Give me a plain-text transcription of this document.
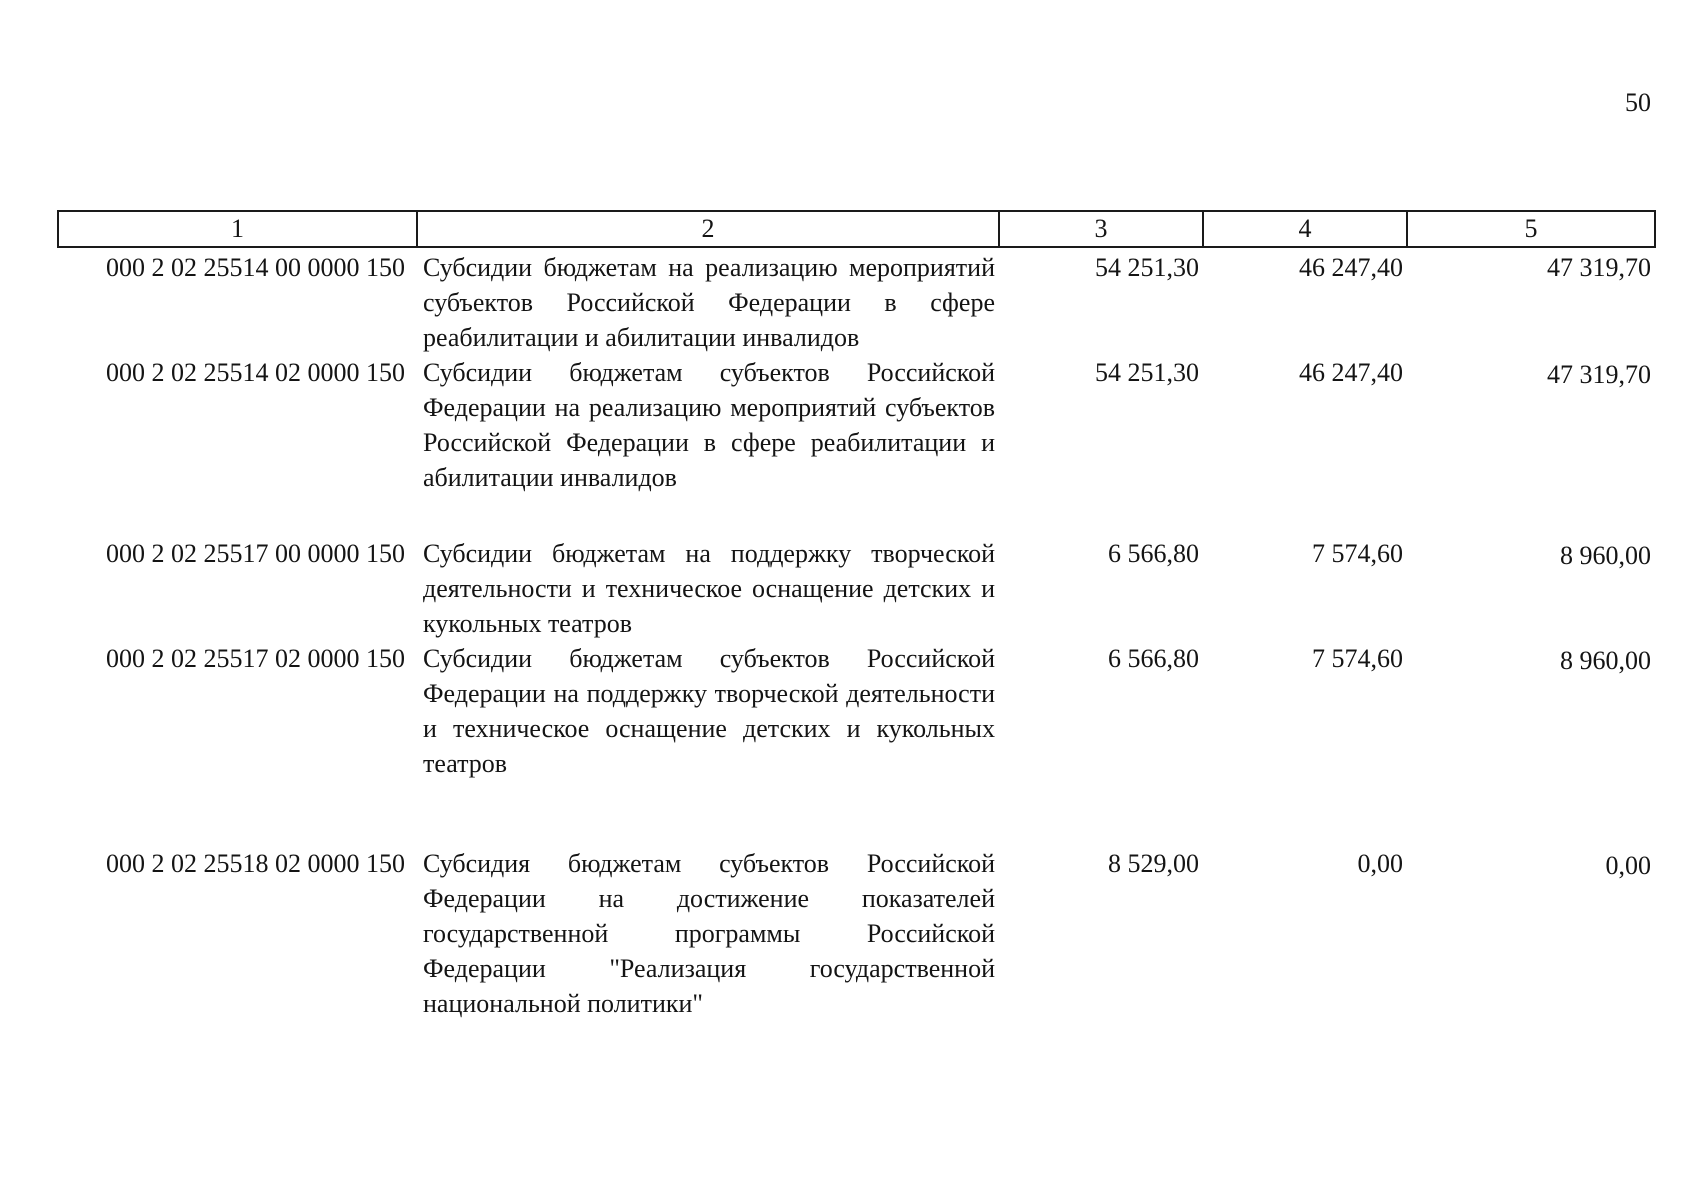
50
1	2	3	4	5
000 2 02 25514 00 0000 150	Субсидии бюджетам на реализацию мероприятий субъектов Российской Федерации в сфере реабилитации и абилитации инвалидов	54 251,30	46 247,40	47 319,70
000 2 02 25514 02 0000 150	Субсидии бюджетам субъектов Российской Федерации на реализацию мероприятий субъектов Российской Федерации в сфере реабилитации и абилитации инвалидов	54 251,30	46 247,40	47 319,70
000 2 02 25517 00 0000 150	Субсидии бюджетам на поддержку творческой деятельности и техническое оснащение детских и кукольных театров	6 566,80	7 574,60	8 960,00
000 2 02 25517 02 0000 150	Субсидии бюджетам субъектов Российской Федерации на поддержку творческой деятельности и техническое оснащение детских и кукольных театров	6 566,80	7 574,60	8 960,00
000 2 02 25518 02 0000 150	Субсидия бюджетам субъектов Российской Федерации на достижение показателей государственной программы Российской Федерации "Реализация государственной национальной политики"	8 529,00	0,00	0,00
